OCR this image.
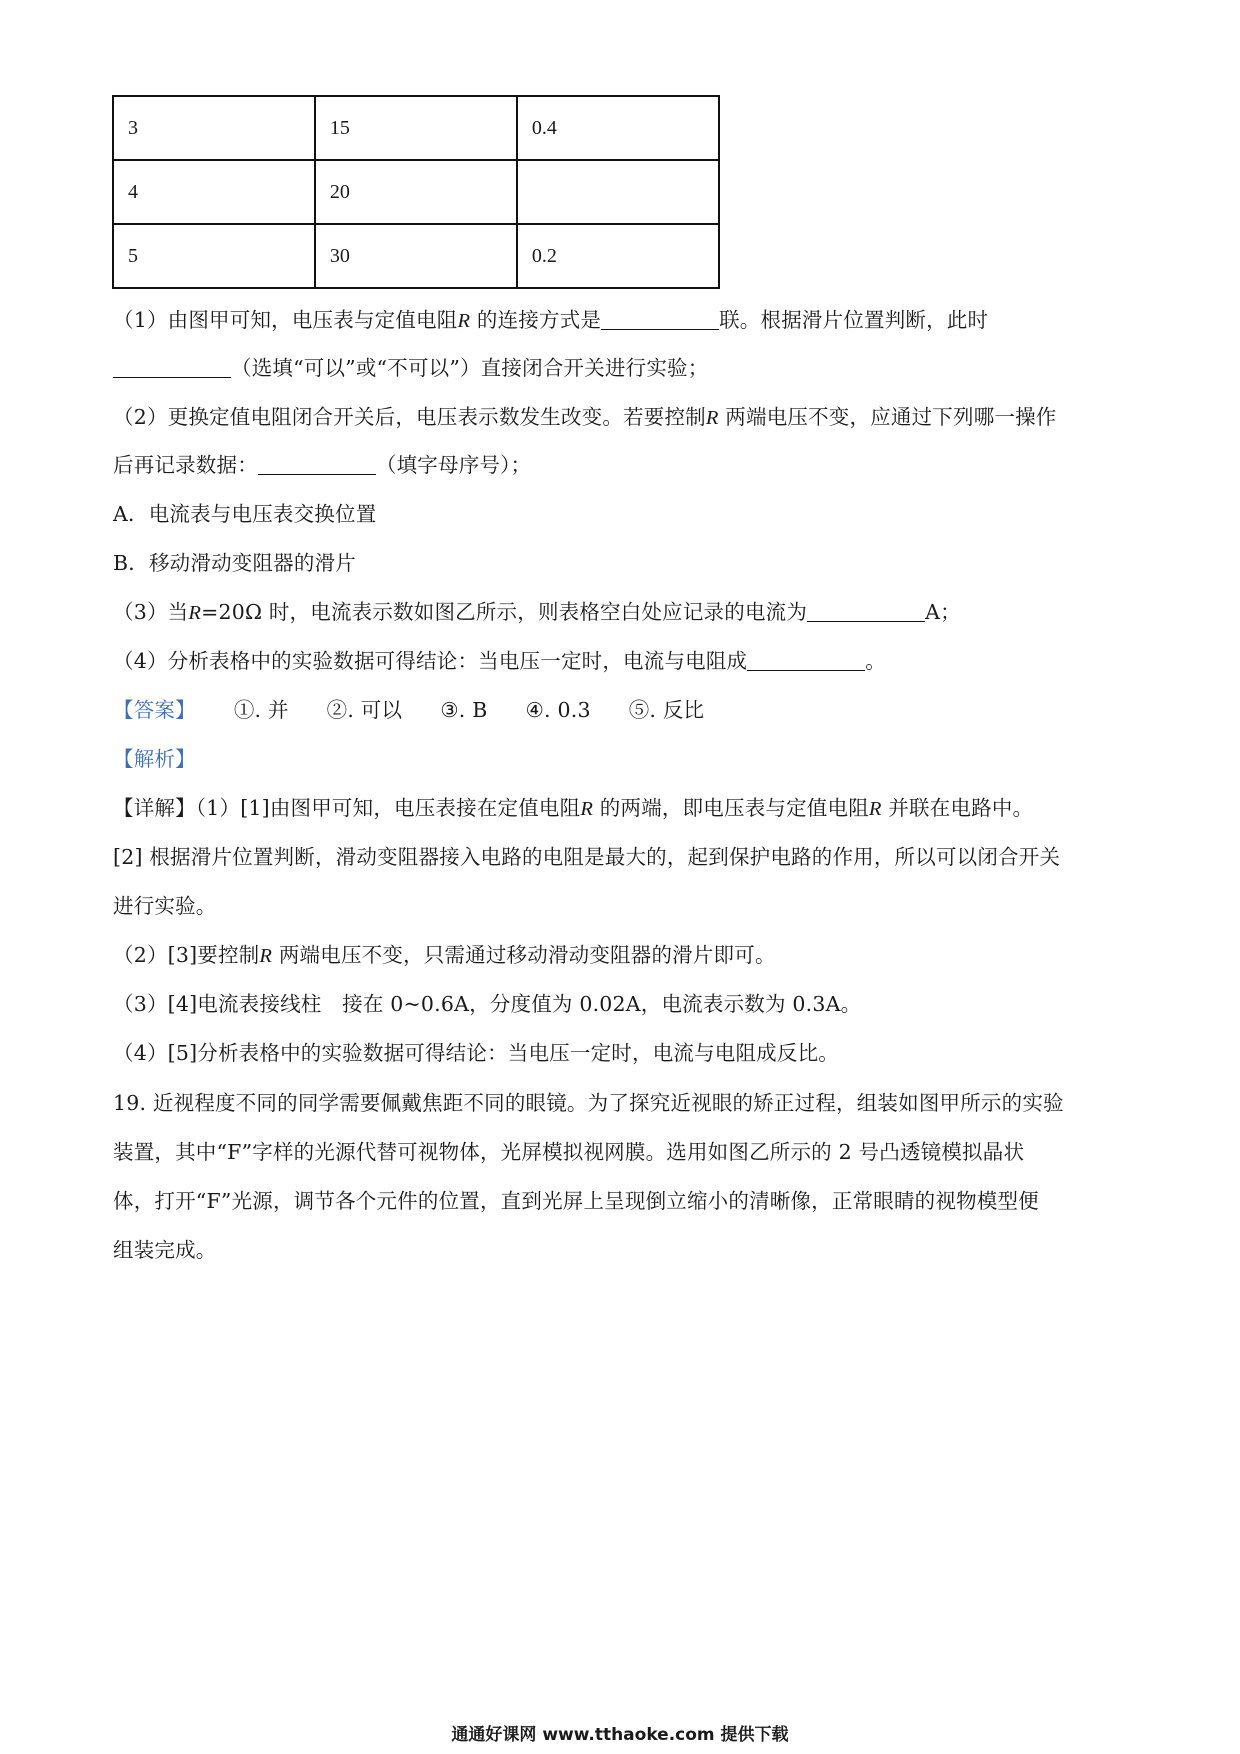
3	15	0.4
4	20	
5	30	0.2
（1）由图甲可知，电压表与定值电阻R 的连接方式是	联。根据滑片位置判断，此时
（选填“可以”或“不可以”）直接闭合开关进行实验；
（2）更换定值电阻闭合开关后，电压表示数发生改变。若要控制R 两端电压不变，应通过下列哪一操作
后再记录数据：	（填字母序号）；
A．电流表与电压表交换位置
B．移动滑动变阻器的滑片
（3）当R=20Ω 时，电流表示数如图乙所示，则表格空白处应记录的电流为	A；
（4）分析表格中的实验数据可得结论：当电压一定时，电流与电阻成	。
【答案】 ①. 并 ②. 可以 ③. B ④. 0.3 ⑤. 反比
【解析】
【详解】（1）[1]由图甲可知，电压表接在定值电阻R 的两端，即电压表与定值电阻R 并联在电路中。
[2] 根据滑片位置判断，滑动变阻器接入电路的电阻是最大的，起到保护电路的作用，所以可以闭合开关
进行实验。
（2）[3]要控制R 两端电压不变，只需通过移动滑动变阻器的滑片即可。
（3）[4]电流表接线柱　接在 0~0.6A，分度值为 0.02A，电流表示数为 0.3A。
（4）[5]分析表格中的实验数据可得结论：当电压一定时，电流与电阻成反比。
19. 近视程度不同的同学需要佩戴焦距不同的眼镜。为了探究近视眼的矫正过程，组装如图甲所示的实验
装置，其中“F”字样的光源代替可视物体，光屏模拟视网膜。选用如图乙所示的 2 号凸透镜模拟晶状
体，打开“F”光源，调节各个元件的位置，直到光屏上呈现倒立缩小的清晰像，正常眼睛的视物模型便
组装完成。
通通好课网 www.tthaoke.com 提供下载
